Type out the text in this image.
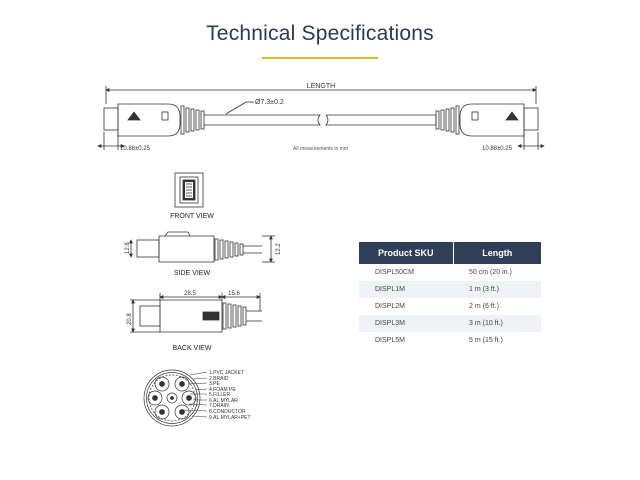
Technical Specifications
LENGTH
Ø7.3±0.2
10.88±0.25	10.88±0.25
All measurements in mm
FRONT VIEW
12.8	12.2
SIDE VIEW
28.5	15.6
20.8
BACK VIEW
1.PVC JACKET
2.BRAID
3.PE
4.FOAM PE
5.FILLER
6.AL.MYLAR
7.DRAIN
8.CONDUCTOR
9.AL.MYLAR+PET
Product SKU	Length
DISPL50CM	50 cm (20 in.)
DISPL1M	1 m (3 ft.)
DISPL2M	2 m (6 ft.)
DISPL3M	3 m (10 ft.)
DISPL5M	5 m (15 ft.)
